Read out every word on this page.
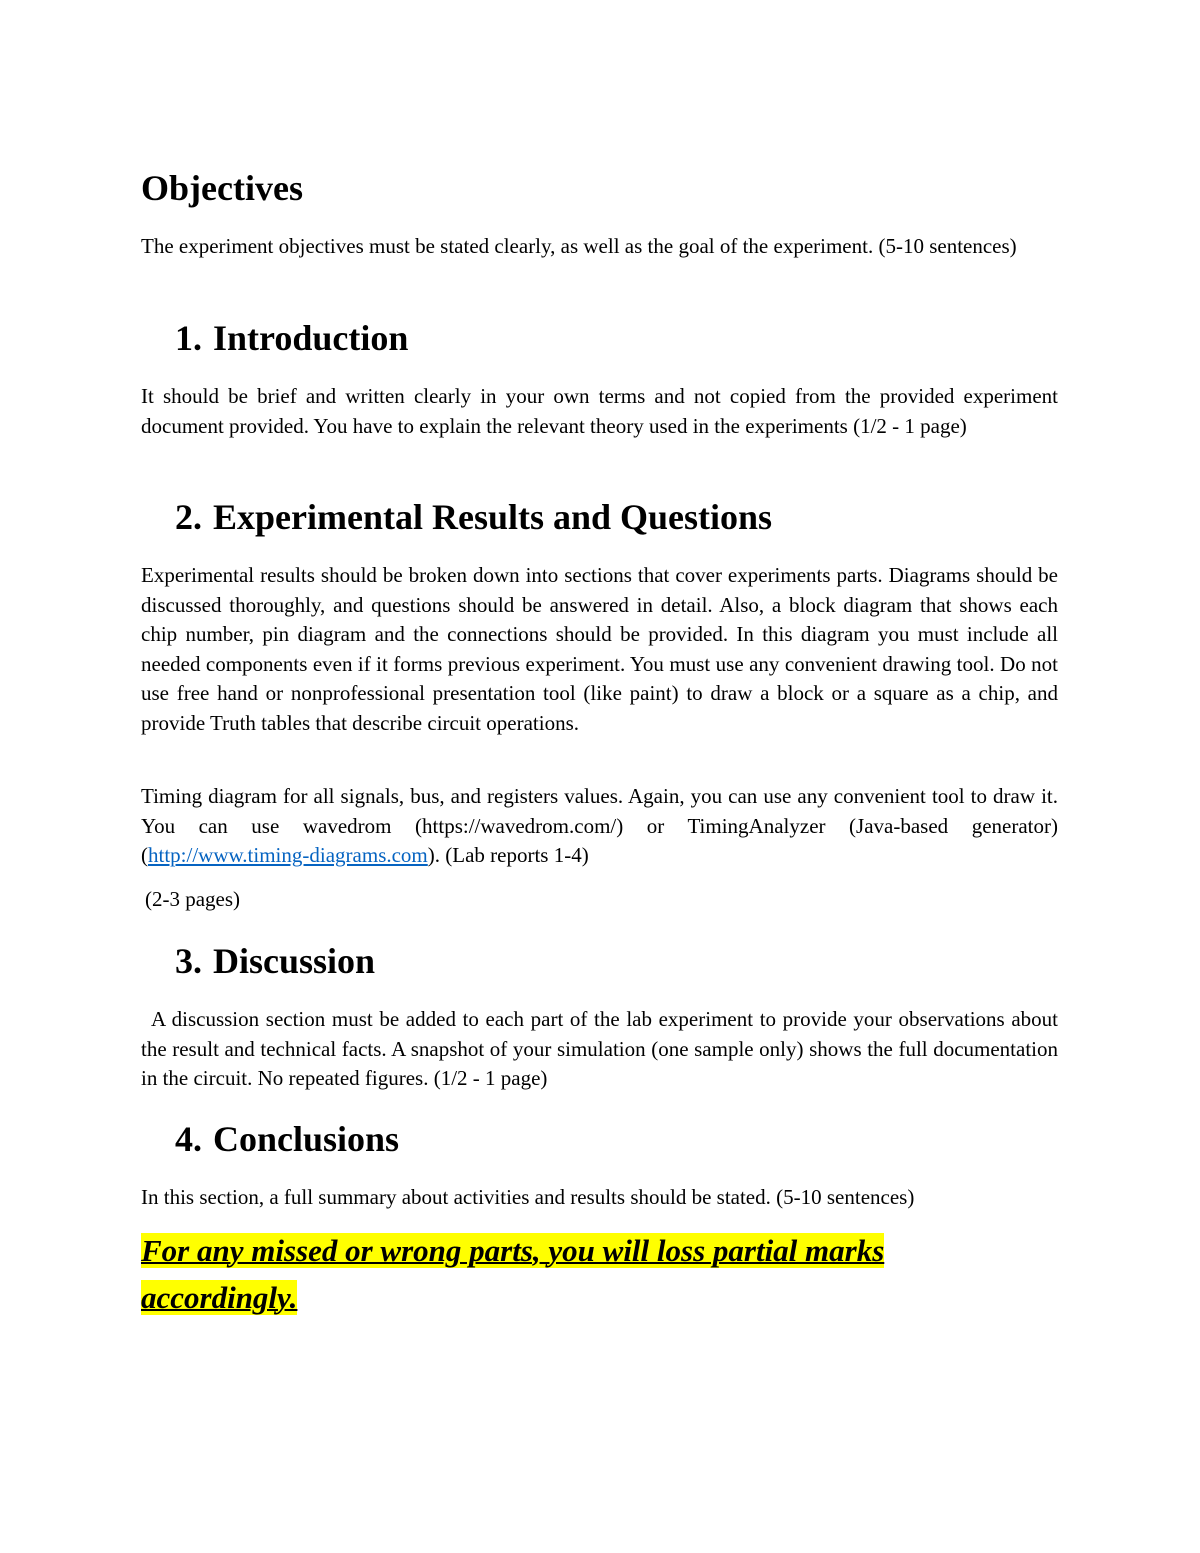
Objectives

The experiment objectives must be stated clearly, as well as the goal of the experiment. (5-10 sentences)

1. Introduction

It should be brief and written clearly in your own terms and not copied from the provided experiment document provided. You have to explain the relevant theory used in the experiments (1/2 - 1 page)

2. Experimental Results and Questions

Experimental results should be broken down into sections that cover experiments parts. Diagrams should be discussed thoroughly, and questions should be answered in detail. Also, a block diagram that shows each chip number, pin diagram and the connections should be provided. In this diagram you must include all needed components even if it forms previous experiment. You must use any convenient drawing tool. Do not use free hand or nonprofessional presentation tool (like paint) to draw a block or a square as a chip, and provide Truth tables that describe circuit operations.

Timing diagram for all signals, bus, and registers values. Again, you can use any convenient tool to draw it. You can use wavedrom (https://wavedrom.com/) or TimingAnalyzer (Java-based generator) (http://www.timing-diagrams.com). (Lab reports 1-4)

(2-3 pages)

3. Discussion

A discussion section must be added to each part of the lab experiment to provide your observations about the result and technical facts. A snapshot of your simulation (one sample only) shows the full documentation in the circuit. No repeated figures. (1/2 - 1 page)

4. Conclusions

In this section, a full summary about activities and results should be stated. (5-10 sentences)

For any missed or wrong parts, you will loss partial marks accordingly.
